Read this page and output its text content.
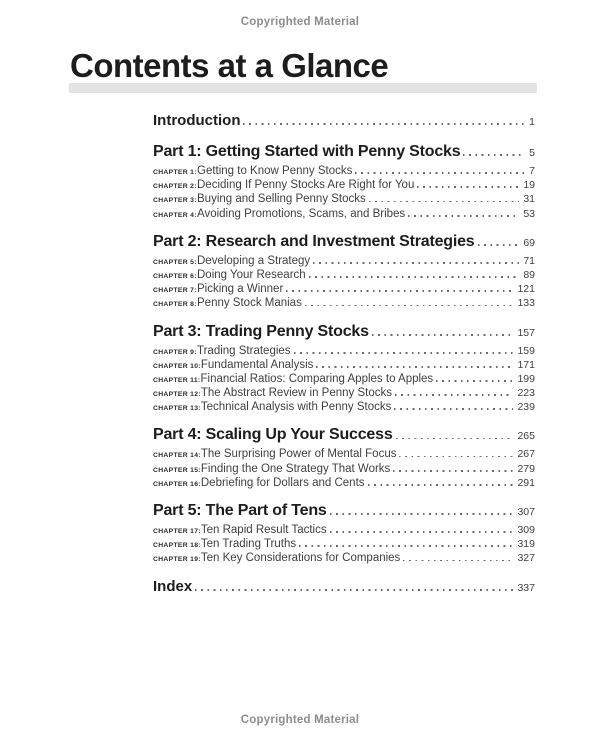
Copyrighted Material
Contents at a Glance
Introduction	1
Part 1: Getting Started with Penny Stocks	5
CHAPTER 1: Getting to Know Penny Stocks	7
CHAPTER 2: Deciding If Penny Stocks Are Right for You	19
CHAPTER 3: Buying and Selling Penny Stocks	31
CHAPTER 4: Avoiding Promotions, Scams, and Bribes	53
Part 2: Research and Investment Strategies	69
CHAPTER 5: Developing a Strategy	71
CHAPTER 6: Doing Your Research	89
CHAPTER 7: Picking a Winner	121
CHAPTER 8: Penny Stock Manias	133
Part 3: Trading Penny Stocks	157
CHAPTER 9: Trading Strategies	159
CHAPTER 10: Fundamental Analysis	171
CHAPTER 11: Financial Ratios: Comparing Apples to Apples	199
CHAPTER 12: The Abstract Review in Penny Stocks	223
CHAPTER 13: Technical Analysis with Penny Stocks	239
Part 4: Scaling Up Your Success	265
CHAPTER 14: The Surprising Power of Mental Focus	267
CHAPTER 15: Finding the One Strategy That Works	279
CHAPTER 16: Debriefing for Dollars and Cents	291
Part 5: The Part of Tens	307
CHAPTER 17: Ten Rapid Result Tactics	309
CHAPTER 18: Ten Trading Truths	319
CHAPTER 19: Ten Key Considerations for Companies	327
Index	337
Copyrighted Material
